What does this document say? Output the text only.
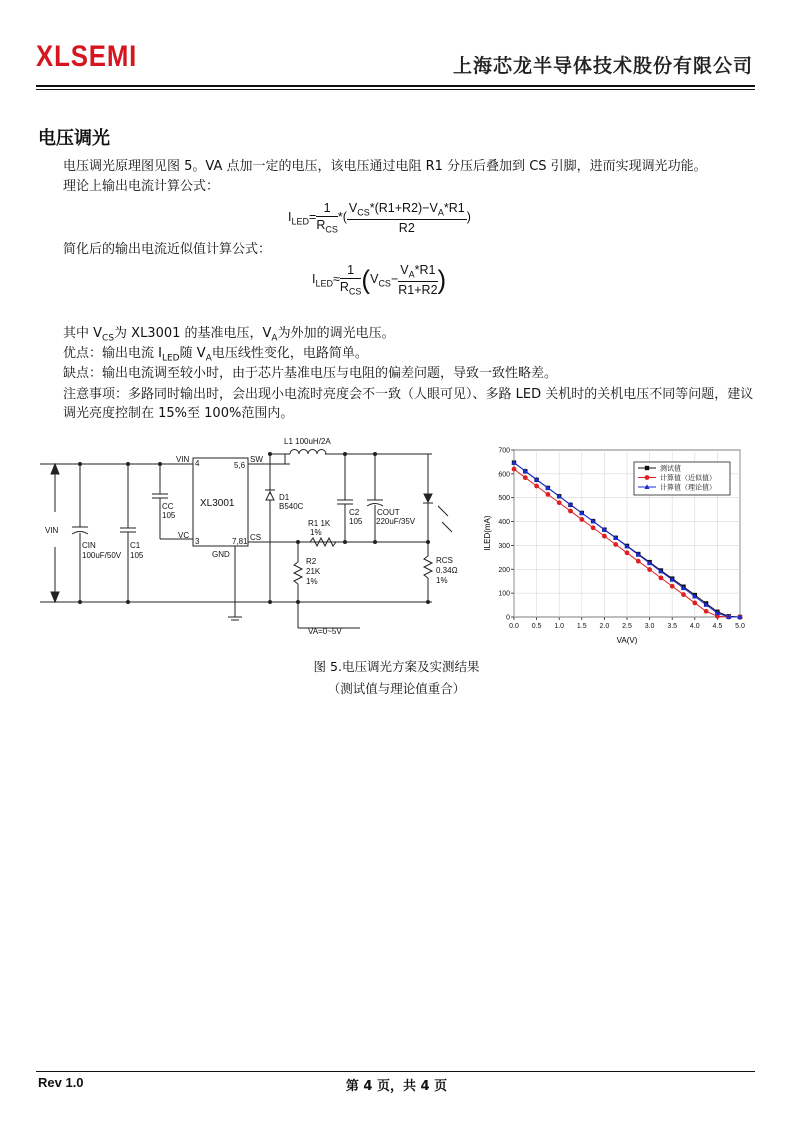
XLSEMI	上海芯龙半导体技术股份有限公司
电压调光
电压调光原理图见图 5。VA 点加一定的电压，该电压通过电阻 R1 分压后叠加到 CS 引脚，进而实现调光功能。
理论上输出电流计算公式：
$I_{LED}= \frac{1}{R_{CS}}$ *( $\frac{V_{CS}*(R1+R2)-V_A*R1}{R2}$ )
简化后的输出电流近似值计算公式：
$I_{LED}\approx \frac{1}{R_{CS}} (V_{CS}- \frac{V_A*R1}{R1+R2}$ )
其中 $V_{CS}$为 XL3001 的基准电压，$V_A$为外加的调光电压。
优点：输出电流 $I_{LED}$随 $V_A$电压线性变化，电路简单。
缺点：输出电流调至较小时，由于芯片基准电压与电阻的偏差问题，导致一致性略差。
注意事项：多路同时输出时，会出现小电流时亮度会不一致（人眼可见）、多路 LED 关机时的关机电压不同等问题，建议调光亮度控制在 15%至 100%范围内。
VIN 4	5,6
SW
L1 100uH/2A
D1
B540C
CC
105
XL3001
VC
3	7,8 1 CS
GND
R1 1K
1%
C2
105
COUT
220uF/35V
RCS
0.34Ω
1%
R2
21K
1%
VA=0~5V
CIN
100uF/50V
C1
105
VIN
0.0 0.5 1.0 1.5 2.0 2.5 3.0 3.5 4.0 4.5 5.0
0
100
200
300
400
500
600
700
VA(V)
ILED(mA)
测试值
计算值（近似值）
计算值（理论值）
图 5.电压调光方案及实测结果
（测试值与理论值重合）
Rev 1.0	第 4 页，共 4 页
